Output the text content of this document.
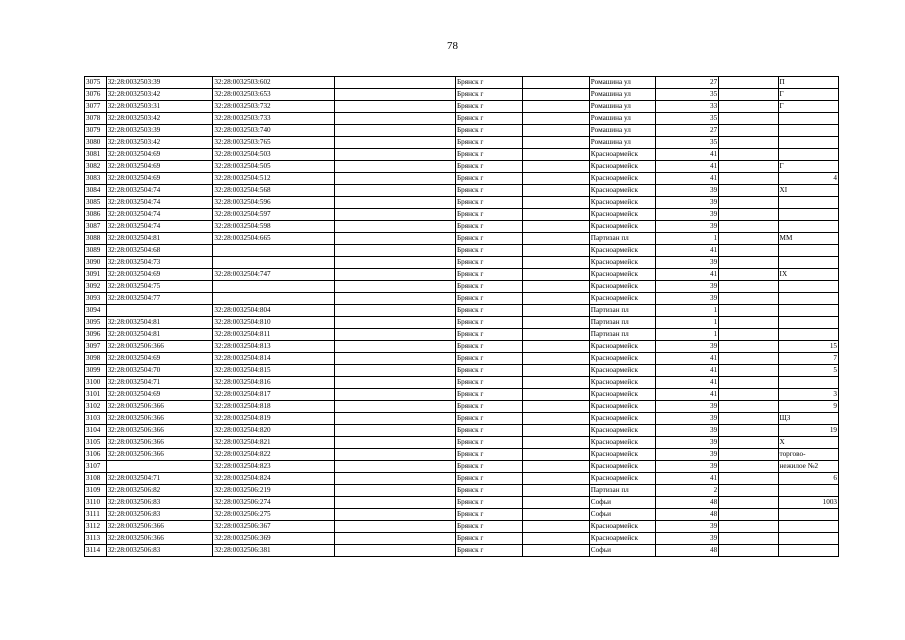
78
3075	32:28:0032503:39	32:28:0032503:602		Брянск г		Ромашина ул	27		П
3076	32:28:0032503:42	32:28:0032503:653		Брянск г		Ромашина ул	35		Г
3077	32:28:0032503:31	32:28:0032503:732		Брянск г		Ромашина ул	33		Г
3078	32:28:0032503:42	32:28:0032503:733		Брянск г		Ромашина ул	35		
3079	32:28:0032503:39	32:28:0032503:740		Брянск г		Ромашина ул	27		
3080	32:28:0032503:42	32:28:0032503:765		Брянск г		Ромашина ул	35		
3081	32:28:0032504:69	32:28:0032504:503		Брянск г		Красноармейск	41		
3082	32:28:0032504:69	32:28:0032504:505		Брянск г		Красноармейск	41		Г
3083	32:28:0032504:69	32:28:0032504:512		Брянск г		Красноармейск	41		4
3084	32:28:0032504:74	32:28:0032504:568		Брянск г		Красноармейск	39		XI
3085	32:28:0032504:74	32:28:0032504:596		Брянск г		Красноармейск	39		
3086	32:28:0032504:74	32:28:0032504:597		Брянск г		Красноармейск	39		
3087	32:28:0032504:74	32:28:0032504:598		Брянск г		Красноармейск	39		
3088	32:28:0032504:81	32:28:0032504:665		Брянск г		Партизан пл	1		ММ
3089	32:28:0032504:68			Брянск г		Красноармейск	41		
3090	32:28:0032504:73			Брянск г		Красноармейск	39		
3091	32:28:0032504:69	32:28:0032504:747		Брянск г		Красноармейск	41		IX
3092	32:28:0032504:75			Брянск г		Красноармейск	39		
3093	32:28:0032504:77			Брянск г		Красноармейск	39		
3094		32:28:0032504:804		Брянск г		Партизан пл	1		
3095	32:28:0032504:81	32:28:0032504:810		Брянск г		Партизан пл	1		
3096	32:28:0032504:81	32:28:0032504:811		Брянск г		Партизан пл	1		
3097	32:28:0032506:366	32:28:0032504:813		Брянск г		Красноармейск	39		15
3098	32:28:0032504:69	32:28:0032504:814		Брянск г		Красноармейск	41		7
3099	32:28:0032504:70	32:28:0032504:815		Брянск г		Красноармейск	41		5
3100	32:28:0032504:71	32:28:0032504:816		Брянск г		Красноармейск	41		
3101	32:28:0032504:69	32:28:0032504:817		Брянск г		Красноармейск	41		3
3102	32:28:0032506:366	32:28:0032504:818		Брянск г		Красноармейск	39		9
3103	32:28:0032506:366	32:28:0032504:819		Брянск г		Красноармейск	39		ЩЗ
3104	32:28:0032506:366	32:28:0032504:820		Брянск г		Красноармейск	39		19
3105	32:28:0032506:366	32:28:0032504:821		Брянск г		Красноармейск	39		X
3106	32:28:0032506:366	32:28:0032504:822		Брянск г		Красноармейск	39		торгово-
3107		32:28:0032504:823		Брянск г		Красноармейск	39		нежилое №2
3108	32:28:0032504:71	32:28:0032504:824		Брянск г		Красноармейск	41		6
3109	32:28:0032506:82	32:28:0032506:219		Брянск г		Партизан пл	2		
3110	32:28:0032506:83	32:28:0032506:274		Брянск г		Софьи	48		1003
3111	32:28:0032506:83	32:28:0032506:275		Брянск г		Софьи	48		
3112	32:28:0032506:366	32:28:0032506:367		Брянск г		Красноармейск	39		
3113	32:28:0032506:366	32:28:0032506:369		Брянск г		Красноармейск	39		
3114	32:28:0032506:83	32:28:0032506:381		Брянск г		Софьи	48		
